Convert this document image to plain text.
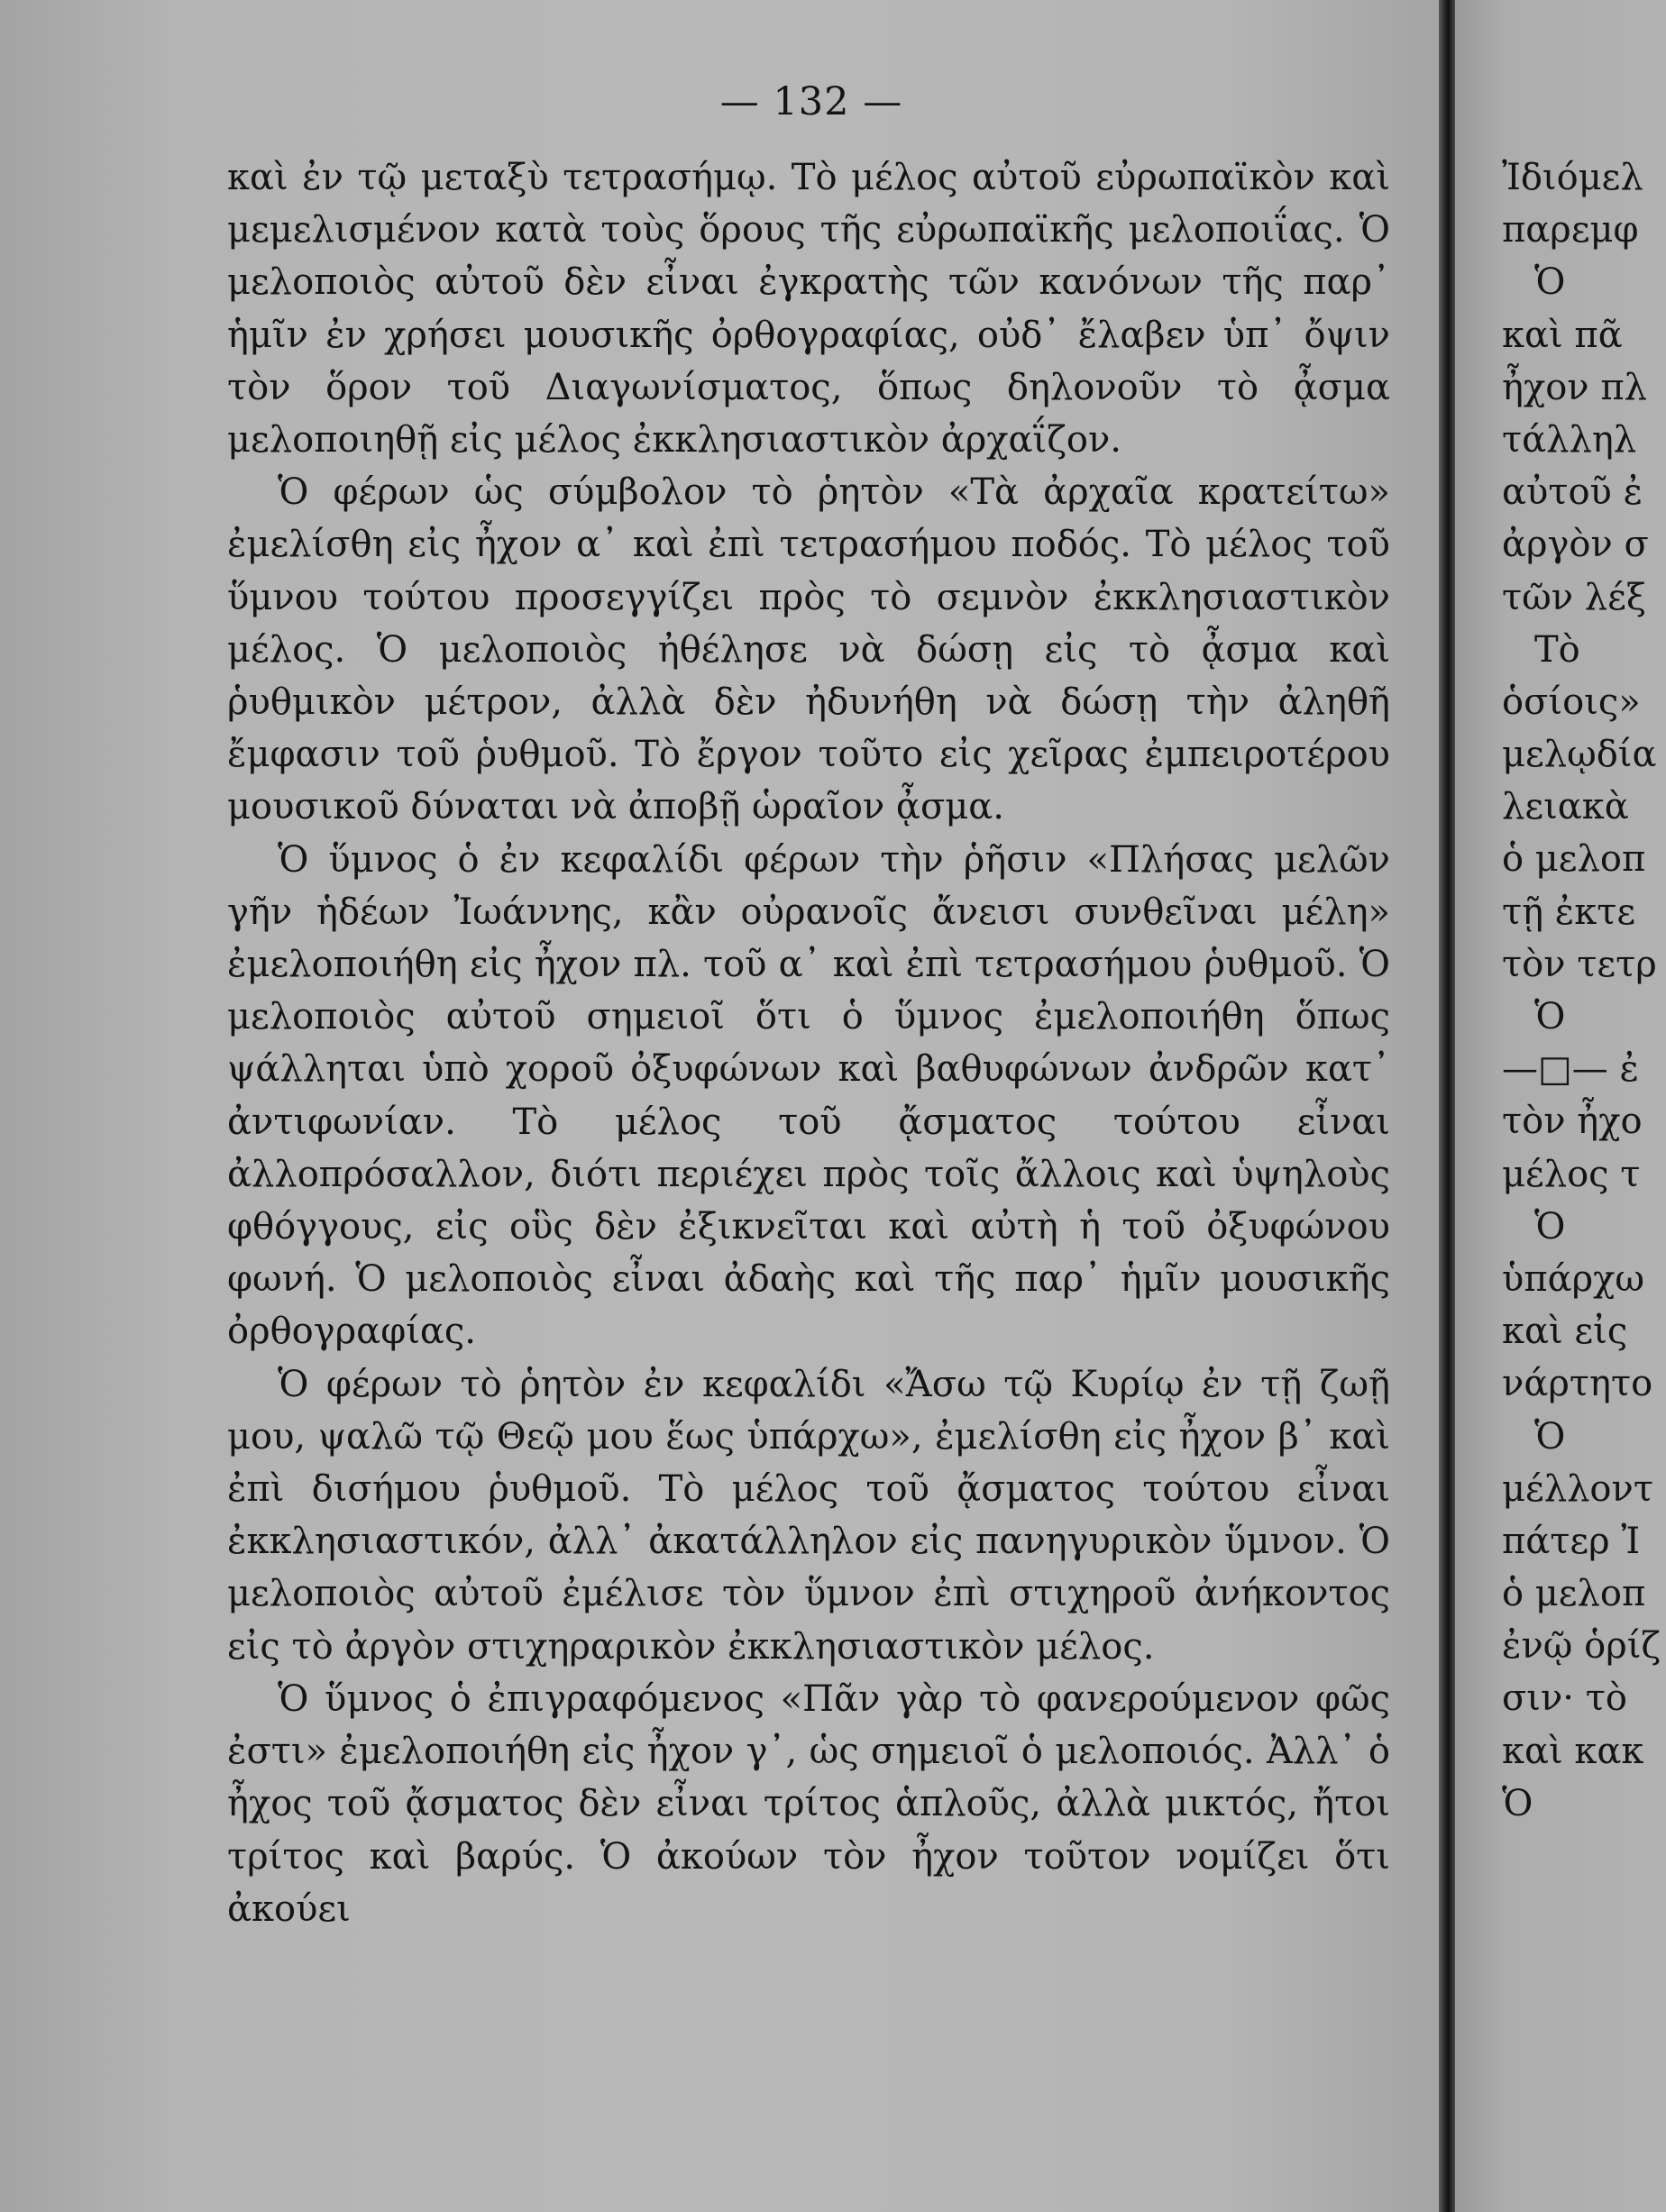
— 132 —

καὶ ἐν τῷ μεταξὺ τετρασήμῳ. Τὸ μέλος αὐτοῦ εὐρωπαϊκὸν καὶ μεμελισμένον κατὰ τοὺς ὅρους τῆς εὐρωπαϊκῆς μελοποιΐας. Ὁ μελοποιὸς αὐτοῦ δὲν εἶναι ἐγκρατὴς τῶν κανόνων τῆς παρ᾽ ἡμῖν ἐν χρήσει μουσικῆς ὀρθογραφίας, οὐδ᾽ ἔλαβεν ὑπ᾽ ὄψιν τὸν ὅρον τοῦ Διαγωνίσματος, ὅπως δηλονοῦν τὸ ᾆσμα μελοποιηθῇ εἰς μέλος ἐκκλησιαστικὸν ἀρχαΐζον.

Ὁ φέρων ὡς σύμβολον τὸ ῥητὸν «Τὰ ἀρχαῖα κρατείτω» ἐμελίσθη εἰς ἦχον α᾽ καὶ ἐπὶ τετρασήμου ποδός. Τὸ μέλος τοῦ ὕμνου τούτου προσεγγίζει πρὸς τὸ σεμνὸν ἐκκλησιαστικὸν μέλος. Ὁ μελοποιὸς ἠθέλησε νὰ δώσῃ εἰς τὸ ᾆσμα καὶ ῥυθμικὸν μέτρον, ἀλλὰ δὲν ἠδυνήθη νὰ δώσῃ τὴν ἀληθῆ ἔμφασιν τοῦ ῥυθμοῦ. Τὸ ἔργον τοῦτο εἰς χεῖρας ἐμπειροτέρου μουσικοῦ δύναται νὰ ἀποβῇ ὡραῖον ᾆσμα.

Ὁ ὕμνος ὁ ἐν κεφαλίδι φέρων τὴν ῥῆσιν «Πλήσας μελῶν γῆν ἡδέων Ἰωάννης, κἂν οὐρανοῖς ἄνεισι συνθεῖναι μέλη» ἐμελοποιήθη εἰς ἦχον πλ. τοῦ α᾽ καὶ ἐπὶ τετρασήμου ῥυθμοῦ. Ὁ μελοποιὸς αὐτοῦ σημειοῖ ὅτι ὁ ὕμνος ἐμελοποιήθη ὅπως ψάλληται ὑπὸ χοροῦ ὀξυφώνων καὶ βαθυφώνων ἀνδρῶν κατ᾽ ἀντιφωνίαν. Τὸ μέλος τοῦ ᾄσματος τούτου εἶναι ἀλλοπρόσαλλον, διότι περιέχει πρὸς τοῖς ἄλλοις καὶ ὑψηλοὺς φθόγγους, εἰς οὓς δὲν ἐξικνεῖται καὶ αὐτὴ ἡ τοῦ ὀξυφώνου φωνή. Ὁ μελοποιὸς εἶναι ἀδαὴς καὶ τῆς παρ᾽ ἡμῖν μουσικῆς ὀρθογραφίας.

Ὁ φέρων τὸ ῥητὸν ἐν κεφαλίδι «Ἄσω τῷ Κυρίῳ ἐν τῇ ζωῇ μου, ψαλῶ τῷ Θεῷ μου ἕως ὑπάρχω», ἐμελίσθη εἰς ἦχον β᾽ καὶ ἐπὶ δισήμου ῥυθμοῦ. Τὸ μέλος τοῦ ᾄσματος τούτου εἶναι ἐκκλησιαστικόν, ἀλλ᾽ ἀκατάλληλον εἰς πανηγυρικὸν ὕμνον. Ὁ μελοποιὸς αὐτοῦ ἐμέλισε τὸν ὕμνον ἐπὶ στιχηροῦ ἀνήκοντος εἰς τὸ ἀργὸν στιχηραρικὸν ἐκκλησιαστικὸν μέλος.

Ὁ ὕμνος ὁ ἐπιγραφόμενος «Πᾶν γὰρ τὸ φανερούμενον φῶς ἐστι» ἐμελοποιήθη εἰς ἦχον γ᾽, ὡς σημειοῖ ὁ μελοποιός. Ἀλλ᾽ ὁ ἦχος τοῦ ᾄσματος δὲν εἶναι τρίτος ἁπλοῦς, ἀλλὰ μικτός, ἤτοι τρίτος καὶ βαρύς. Ὁ ἀκούων τὸν ἦχον τοῦτον νομίζει ὅτι ἀκούει

Ἰδιόμελ
παρεμφ
Ὁ
καὶ πᾶ
ἦχον πλ
τάλληλ
αὐτοῦ ἐ
ἀργὸν σ
τῶν λέξ
Τὸ
ὁσίοις»
μελῳδία
λειακὰ
ὁ μελοπ
τῇ ἐκτε
τὸν τετρ
Ὁ
—□— ἐ
τὸν ἦχο
μέλος τ
Ὁ
ὑπάρχω
καὶ εἰς
νάρτητο
Ὁ
μέλλοντ
πάτερ Ἰ
ὁ μελοπ
ἐνῷ ὁρίζ
σιν· τὸ
καὶ κακ
Ὁ
